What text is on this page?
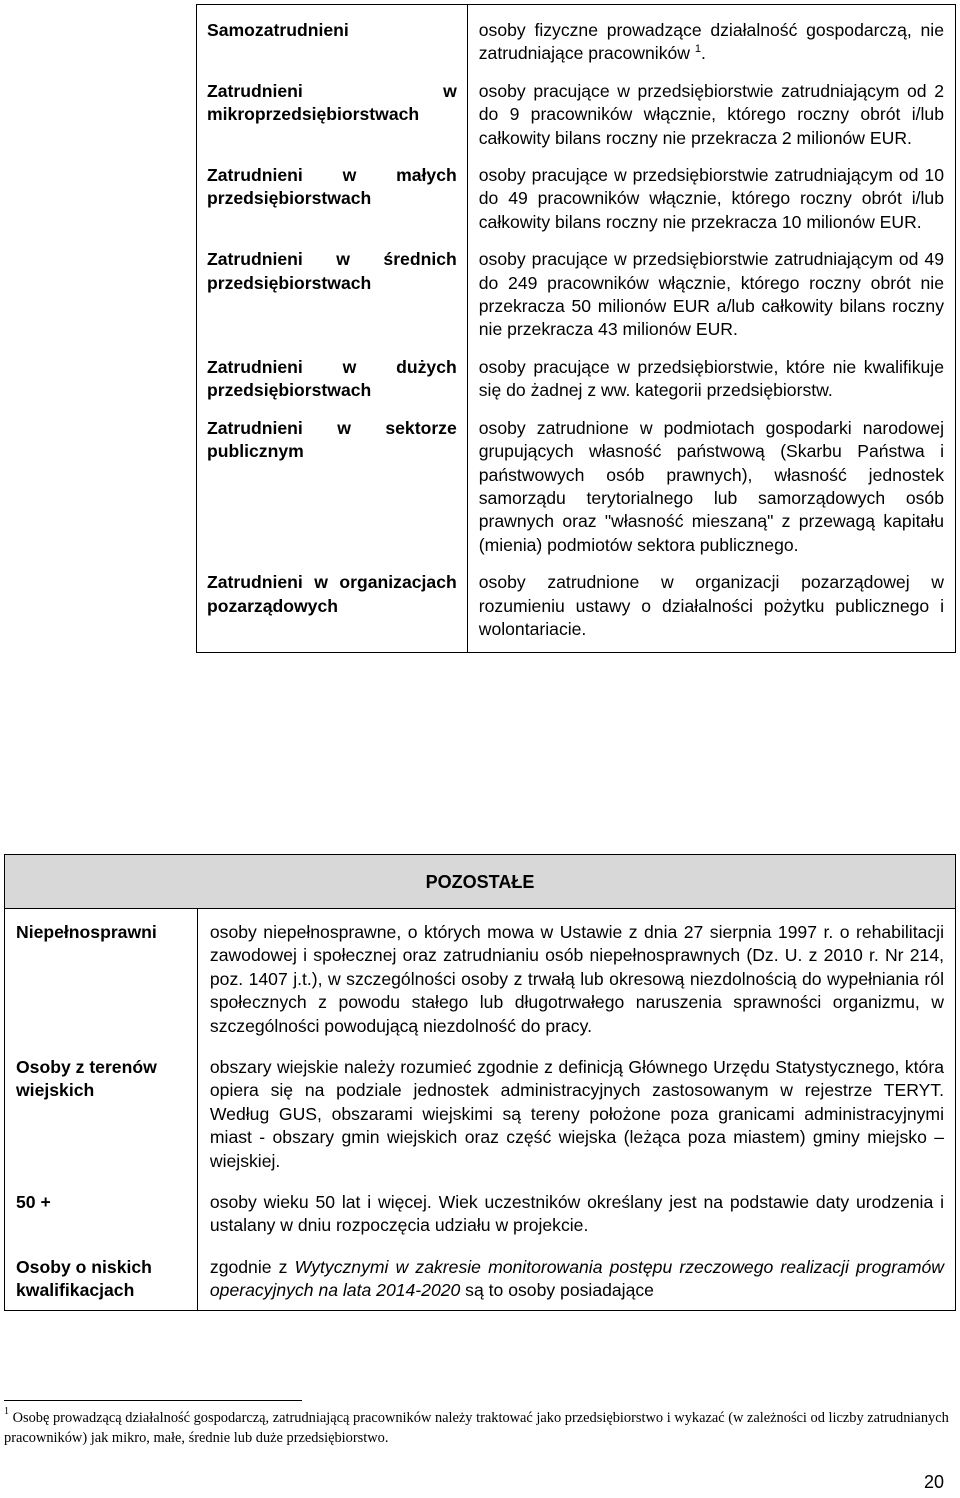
Samozatrudnieni	osoby fizyczne prowadzące działalność gospodarczą, nie zatrudniające pracowników $^1$.
Zatrudnieni w mikroprzedsiębiorstwach	osoby pracujące w przedsiębiorstwie zatrudniającym od 2 do 9 pracowników włącznie, którego roczny obrót i/lub całkowity bilans roczny nie przekracza 2 milionów EUR.
Zatrudnieni w małych przedsiębiorstwach	osoby pracujące w przedsiębiorstwie zatrudniającym od 10 do 49 pracowników włącznie, którego roczny obrót i/lub całkowity bilans roczny nie przekracza 10 milionów EUR.
Zatrudnieni w średnich przedsiębiorstwach	osoby pracujące w przedsiębiorstwie zatrudniającym od 49 do 249 pracowników włącznie, którego roczny obrót nie przekracza 50 milionów EUR a/lub całkowity bilans roczny nie przekracza 43 milionów EUR.
Zatrudnieni w dużych przedsiębiorstwach	osoby pracujące w przedsiębiorstwie, które nie kwalifikuje się do żadnej z ww. kategorii przedsiębiorstw.
Zatrudnieni w sektorze publicznym	osoby zatrudnione w podmiotach gospodarki narodowej grupujących własność państwową (Skarbu Państwa i państwowych osób prawnych), własność jednostek samorządu terytorialnego lub samorządowych osób prawnych oraz "własność mieszaną" z przewagą kapitału (mienia) podmiotów sektora publicznego.
Zatrudnieni w organizacjach pozarządowych	osoby zatrudnione w organizacji pozarządowej w rozumieniu ustawy o działalności pożytku publicznego i wolontariacie.
POZOSTAŁE
Niepełnosprawni	osoby niepełnosprawne, o których mowa w Ustawie z dnia 27 sierpnia 1997 r. o rehabilitacji zawodowej i społecznej oraz zatrudnianiu osób niepełnosprawnych (Dz. U. z 2010 r. Nr 214, poz. 1407 j.t.), w szczególności osoby z trwałą lub okresową niezdolnością do wypełniania ról społecznych z powodu stałego lub długotrwałego naruszenia sprawności organizmu, w szczególności powodującą niezdolność do pracy.
Osoby z terenów wiejskich	obszary wiejskie należy rozumieć zgodnie z definicją Głównego Urzędu Statystycznego, która opiera się na podziale jednostek administracyjnych zastosowanym w rejestrze TERYT. Według GUS, obszarami wiejskimi są tereny położone poza granicami administracyjnymi miast - obszary gmin wiejskich oraz część wiejska (leżąca poza miastem) gminy miejsko – wiejskiej.
50 +	osoby wieku 50 lat i więcej. Wiek uczestników określany jest na podstawie daty urodzenia i ustalany w dniu rozpoczęcia udziału w projekcie.
Osoby o niskich kwalifikacjach	zgodnie z Wytycznymi w zakresie monitorowania postępu rzeczowego realizacji programów operacyjnych na lata 2014-2020 są to osoby posiadające
$^1$ Osobę prowadzącą działalność gospodarczą, zatrudniającą pracowników należy traktować jako przedsiębiorstwo i wykazać (w zależności od liczby zatrudnianych pracowników) jak mikro, małe, średnie lub duże przedsiębiorstwo.
20
